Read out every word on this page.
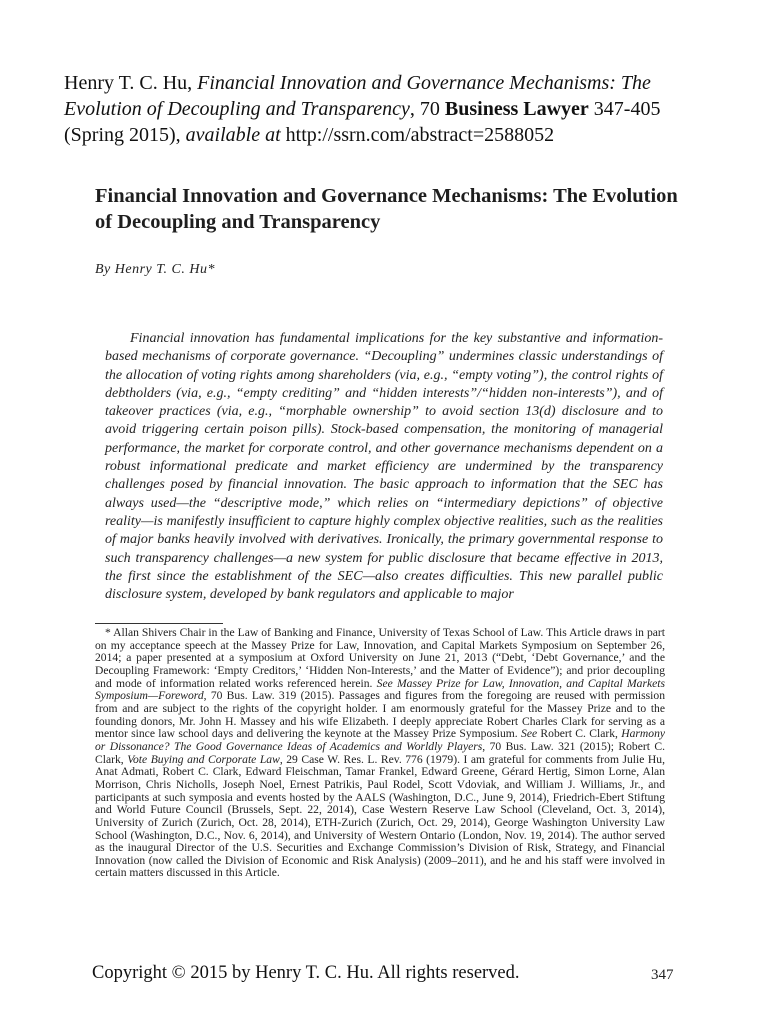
Henry T. C. Hu, Financial Innovation and Governance Mechanisms: The Evolution of Decoupling and Transparency, 70 Business Lawyer 347-405 (Spring 2015), available at http://ssrn.com/abstract=2588052
Financial Innovation and Governance Mechanisms: The Evolution of Decoupling and Transparency
By Henry T. C. Hu*

Financial innovation has fundamental implications for the key substantive and information-based mechanisms of corporate governance. “Decoupling” undermines classic understandings of the allocation of voting rights among shareholders (via, e.g., “empty voting”), the control rights of debtholders (via, e.g., “empty crediting” and “hidden interests”/“hidden non-interests”), and of takeover practices (via, e.g., “morphable ownership” to avoid section 13(d) disclosure and to avoid triggering certain poison pills). Stock-based compensation, the monitoring of managerial performance, the market for corporate control, and other governance mechanisms dependent on a robust informational predicate and market efficiency are undermined by the transparency challenges posed by financial innovation. The basic approach to information that the SEC has always used—the “descriptive mode,” which relies on “intermediary depictions” of objective reality—is manifestly insufficient to capture highly complex objective realities, such as the realities of major banks heavily involved with derivatives. Ironically, the primary governmental response to such transparency challenges—a new system for public disclosure that became effective in 2013, the first since the establishment of the SEC—also creates difficulties. This new parallel public disclosure system, developed by bank regulators and applicable to major

* Allan Shivers Chair in the Law of Banking and Finance, University of Texas School of Law. This Article draws in part on my acceptance speech at the Massey Prize for Law, Innovation, and Capital Markets Symposium on September 26, 2014; a paper presented at a symposium at Oxford University on June 21, 2013 (“Debt, ‘Debt Governance,’ and the Decoupling Framework: ‘Empty Creditors,’ ‘Hidden Non-Interests,’ and the Matter of Evidence”); and prior decoupling and mode of information related works referenced herein. See Massey Prize for Law, Innovation, and Capital Markets Symposium—Foreword, 70 Bus. Law. 319 (2015). Passages and figures from the foregoing are reused with permission from and are subject to the rights of the copyright holder. I am enormously grateful for the Massey Prize and to the founding donors, Mr. John H. Massey and his wife Elizabeth. I deeply appreciate Robert Charles Clark for serving as a mentor since law school days and delivering the keynote at the Massey Prize Symposium. See Robert C. Clark, Harmony or Dissonance? The Good Governance Ideas of Academics and Worldly Players, 70 Bus. Law. 321 (2015); Robert C. Clark, Vote Buying and Corporate Law, 29 Case W. Res. L. Rev. 776 (1979). I am grateful for comments from Julie Hu, Anat Admati, Robert C. Clark, Edward Fleischman, Tamar Frankel, Edward Greene, Gérard Hertig, Simon Lorne, Alan Morrison, Chris Nicholls, Joseph Noel, Ernest Patrikis, Paul Rodel, Scott Vdoviak, and William J. Williams, Jr., and participants at such symposia and events hosted by the AALS (Washington, D.C., June 9, 2014), Friedrich-Ebert Stiftung and World Future Council (Brussels, Sept. 22, 2014), Case Western Reserve Law School (Cleveland, Oct. 3, 2014), University of Zurich (Zurich, Oct. 28, 2014), ETH-Zurich (Zurich, Oct. 29, 2014), George Washington University Law School (Washington, D.C., Nov. 6, 2014), and University of Western Ontario (London, Nov. 19, 2014). The author served as the inaugural Director of the U.S. Securities and Exchange Commission’s Division of Risk, Strategy, and Financial Innovation (now called the Division of Economic and Risk Analysis) (2009–2011), and he and his staff were involved in certain matters discussed in this Article.

Copyright © 2015 by Henry T. C. Hu. All rights reserved.	347
